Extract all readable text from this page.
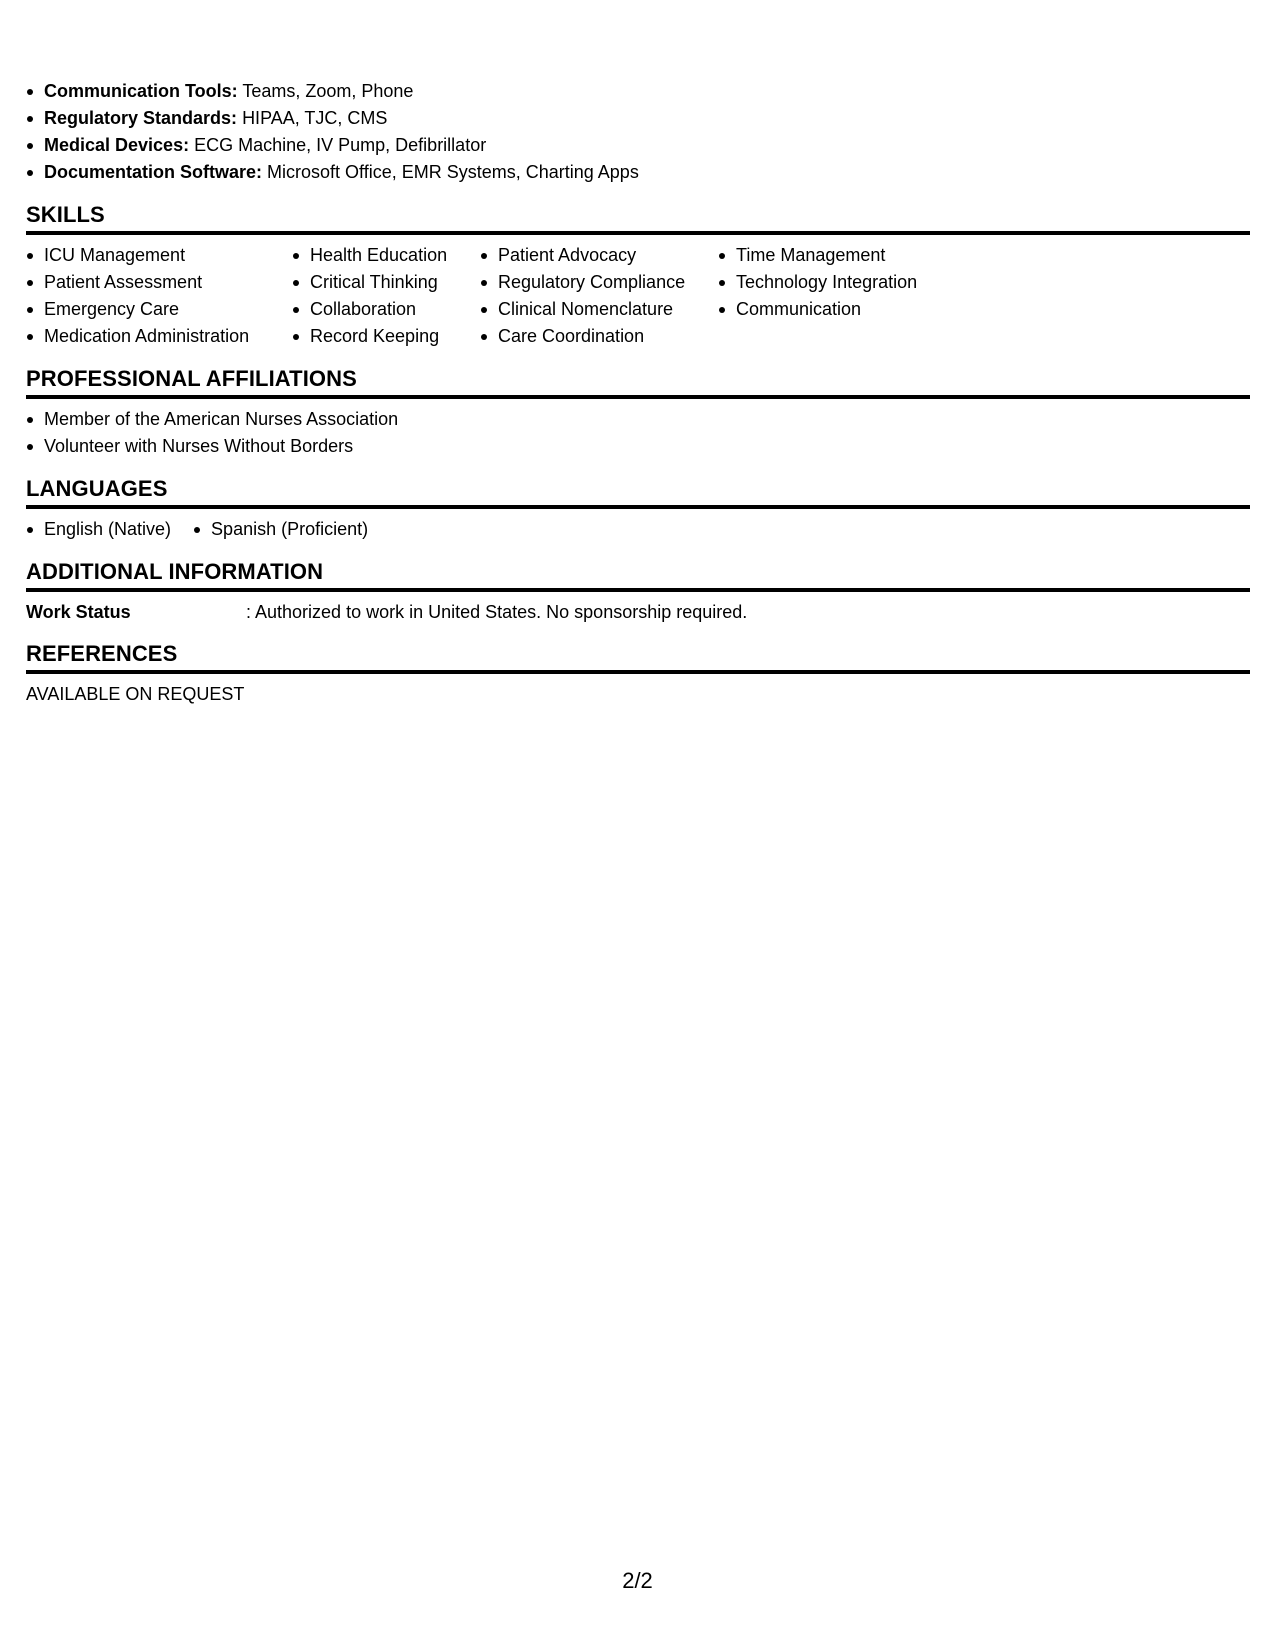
Communication Tools: Teams, Zoom, Phone
Regulatory Standards: HIPAA, TJC, CMS
Medical Devices: ECG Machine, IV Pump, Defibrillator
Documentation Software: Microsoft Office, EMR Systems, Charting Apps
SKILLS
ICU Management
Patient Assessment
Emergency Care
Medication Administration
Health Education
Critical Thinking
Collaboration
Record Keeping
Patient Advocacy
Regulatory Compliance
Clinical Nomenclature
Care Coordination
Time Management
Technology Integration
Communication
PROFESSIONAL AFFILIATIONS
Member of the American Nurses Association
Volunteer with Nurses Without Borders
LANGUAGES
English (Native)	Spanish (Proficient)
ADDITIONAL INFORMATION
Work Status	: Authorized to work in United States. No sponsorship required.
REFERENCES
AVAILABLE ON REQUEST
2/2
